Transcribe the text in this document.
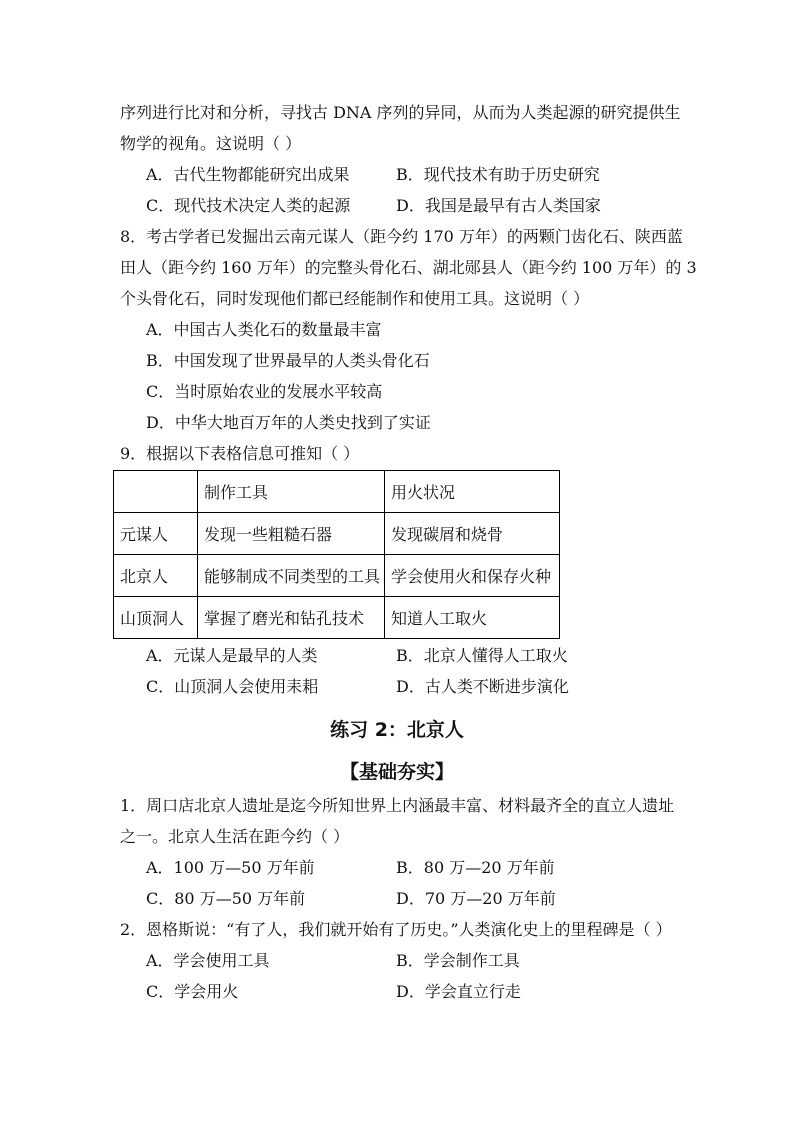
序列进行比对和分析，寻找古 DNA 序列的异同，从而为人类起源的研究提供生
物学的视角。这说明（ ）
A．古代生物都能研究出成果	B．现代技术有助于历史研究
C．现代技术决定人类的起源	D．我国是最早有古人类国家
8．考古学者已发掘出云南元谋人（距今约 170 万年）的两颗门齿化石、陕西蓝
田人（距今约 160 万年）的完整头骨化石、湖北郧县人（距今约 100 万年）的 3
个头骨化石，同时发现他们都已经能制作和使用工具。这说明（ ）
A．中国古人类化石的数量最丰富
B．中国发现了世界最早的人类头骨化石
C．当时原始农业的发展水平较高
D．中华大地百万年的人类史找到了实证
9．根据以下表格信息可推知（ ）
	制作工具	用火状况
元谋人	发现一些粗糙石器	发现碳屑和烧骨
北京人	能够制成不同类型的工具	学会使用火和保存火种
山顶洞人	掌握了磨光和钻孔技术	知道人工取火
A．元谋人是最早的人类	B．北京人懂得人工取火
C．山顶洞人会使用耒耜	D．古人类不断进步演化
练习 2：北京人
【基础夯实】
1．周口店北京人遗址是迄今所知世界上内涵最丰富、材料最齐全的直立人遗址
之一。北京人生活在距今约（ ）
A．100 万—50 万年前	B．80 万—20 万年前
C．80 万—50 万年前	D．70 万—20 万年前
2．恩格斯说：“有了人，我们就开始有了历史。”人类演化史上的里程碑是（ ）
A．学会使用工具	B．学会制作工具
C．学会用火	D．学会直立行走
